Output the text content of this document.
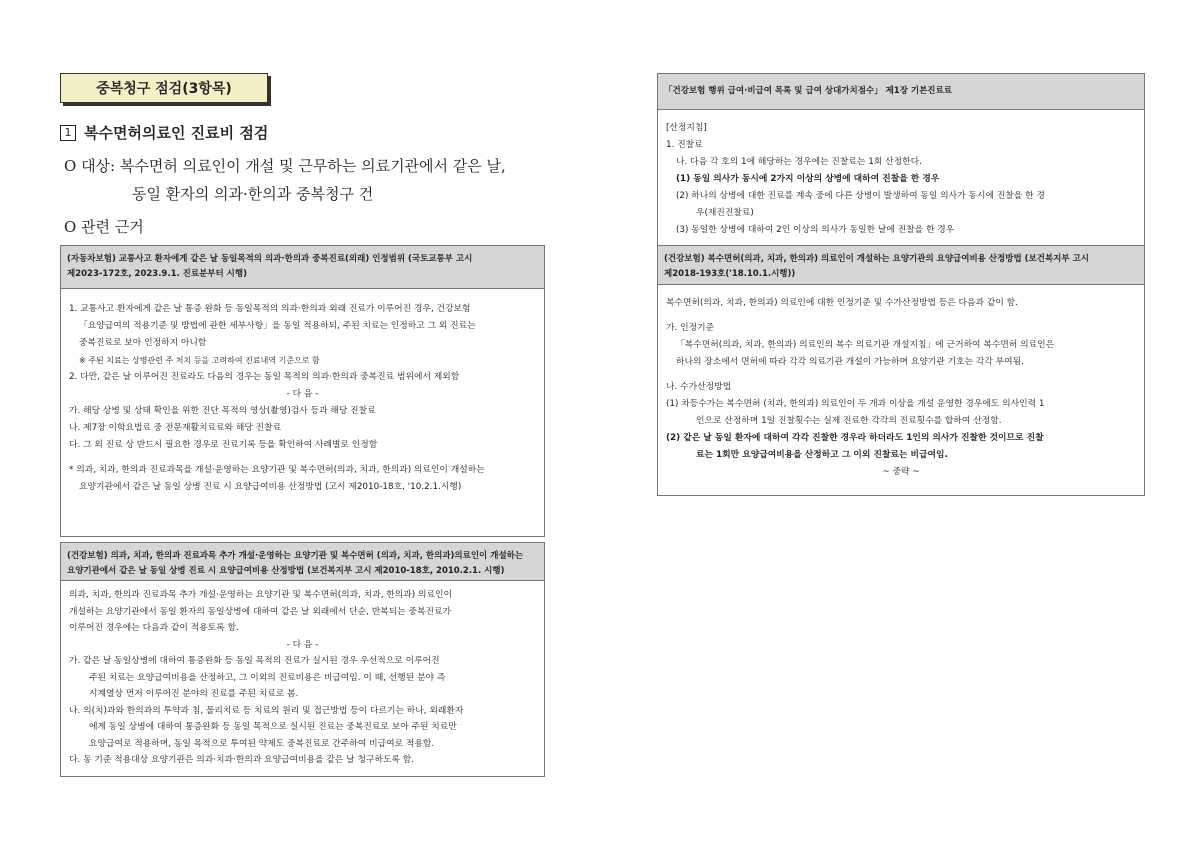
중복청구 점검(3항목)
1 복수면허의료인 진료비 점검
O 대상: 복수면허 의료인이 개설 및 근무하는 의료기관에서 같은 날,
동일 환자의 의과·한의과 중복청구 건
O 관련 근거
(자동차보험) 교통사고 환자에게 같은 날 동일목적의 의과·한의과 중복진료(외래) 인정범위 (국토교통부 고시
제2023-172호, 2023.9.1. 진료분부터 시행)
1. 교통사고 환자에게 같은 날 통증 완화 등 동일목적의 의과·한의과 외래 진료가 이루어진 경우, 건강보험
「요양급여의 적용기준 및 방법에 관한 세부사항」을 동일 적용하되, 주된 치료는 인정하고 그 외 진료는
중복진료로 보아 인정하지 아니함
※ 주된 치료는 상병관련 주 처치 등을 고려하여 진료내역 기준으로 함
2. 다만, 같은 날 이루어진 진료라도 다음의 경우는 동일 목적의 의과·한의과 중복진료 범위에서 제외함
- 다 음 -
가. 해당 상병 및 상태 확인을 위한 진단 목적의 영상(촬영)검사 등과 해당 진찰료
나. 제7장 이학요법료 중 전문재활치료료와 해당 진찰료
다. 그 외 진료 상 반드시 필요한 경우로 진료기록 등을 확인하여 사례별로 인정함
* 의과, 치과, 한의과 진료과목을 개설·운영하는 요양기관 및 복수면허(의과, 치과, 한의과) 의료인이 개설하는
요양기관에서 같은 날 동일 상병 진료 시 요양급여비용 산정방법 (고시 제2010-18호, '10.2.1.시행)
(건강보험) 의과, 치과, 한의과 진료과목 추가 개설·운영하는 요양기관 및 복수면허 (의과, 치과, 한의과)의료인이 개설하는
요양기관에서 같은 날 동일 상병 진료 시 요양급여비용 산정방법 (보건복지부 고시 제2010-18호, 2010.2.1. 시행)
의과, 치과, 한의과 진료과목 추가 개설·운영하는 요양기관 및 복수면허(의과, 치과, 한의과) 의료인이
개설하는 요양기관에서 동일 환자의 동일상병에 대하여 같은 날 외래에서 단순, 반복되는 중복진료가
이루어진 경우에는 다음과 같이 적용토록 함.
- 다 음 -
가. 같은 날 동일상병에 대하여 통증완화 등 동일 목적의 진료가 실시된 경우 우선적으로 이루어진
주된 치료는 요양급여비용을 산정하고, 그 이외의 진료비용은 비급여임. 이 때, 선행된 분야 즉
시계열상 먼저 이루어진 분야의 진료를 주된 치료로 봄.
나. 의(치)과와 한의과의 투약과 침, 물리치료 등 치료의 원리 및 접근방법 등이 다르기는 하나, 외래환자
에게 동일 상병에 대하여 통증완화 등 동일 목적으로 실시된 진료는 중복진료로 보아 주된 치료만
요양급여로 적용하며, 동일 목적으로 투여된 약제도 중복진료로 간주하여 비급여로 적용함.
다. 동 기준 적용대상 요양기관은 의과·치과·한의과 요양급여비용을 같은 날 청구하도록 함.
「건강보험 행위 급여·비급여 목록 및 급여 상대가치점수」 제1장 기본진료료
[산정지침]
1. 진찰료
나. 다음 각 호의 1에 해당하는 경우에는 진찰료는 1회 산정한다.
(1) 동일 의사가 동시에 2가지 이상의 상병에 대하여 진찰을 한 경우
(2) 하나의 상병에 대한 진료를 계속 중에 다른 상병이 발생하여 동일 의사가 동시에 진찰을 한 경
우(재진진찰료)
(3) 동일한 상병에 대하여 2인 이상의 의사가 동일한 날에 진찰을 한 경우
(건강보험) 복수면허(의과, 치과, 한의과) 의료인이 개설하는 요양기관의 요양급여비용 산정방법 (보건복지부 고시
제2018-193호('18.10.1.시행))
복수면허(의과, 치과, 한의과) 의료인에 대한 인정기준 및 수가산정방법 등은 다음과 같이 함.
가. 인정기준
「복수면허(의과, 치과, 한의과) 의료인의 복수 의료기관 개설지침」에 근거하여 복수면허 의료인은
하나의 장소에서 면허에 따라 각각 의료기관 개설이 가능하며 요양기관 기호는 각각 부여됨.
나. 수가산정방법
(1) 차등수가는 복수면허 (치과, 한의과) 의료인이 두 개과 이상을 개설 운영한 경우에도 의사인력 1
인으로 산정하며 1일 진찰횟수는 실제 진료한 각각의 진료횟수를 합하여 산정함.
(2) 같은 날 동일 환자에 대하여 각각 진찰한 경우라 하더라도 1인의 의사가 진찰한 것이므로 진찰
료는 1회만 요양급여비용을 산정하고 그 이외 진찰료는 비급여임.
~ 중략 ~
